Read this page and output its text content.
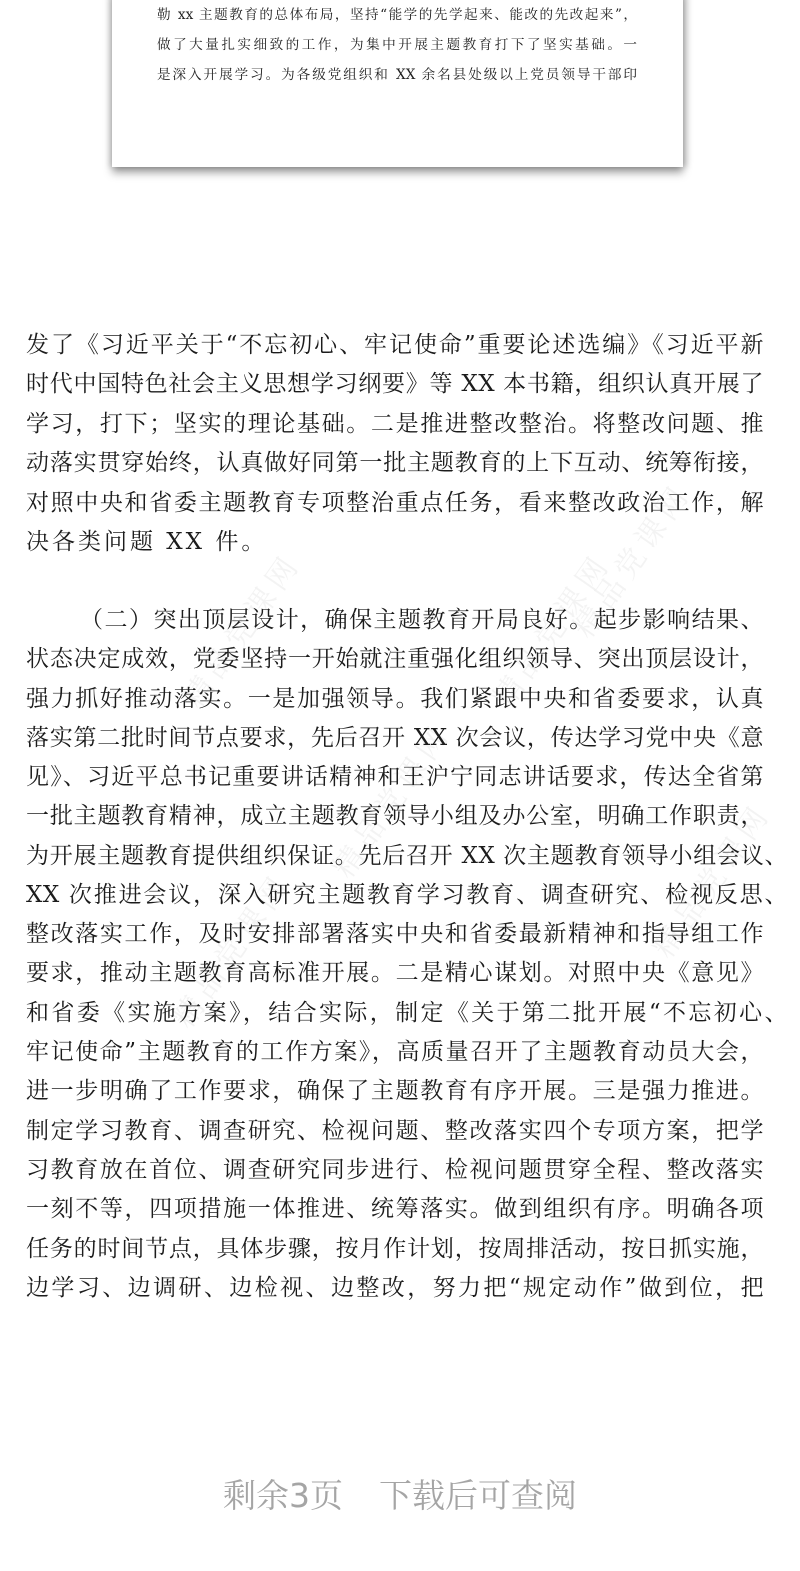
勒 xx 主题教育的总体布局，坚持“能学的先学起来、能改的先改起来”，
做了大量扎实细致的工作，为集中开展主题教育打下了坚实基础。一
是深入开展学习。为各级党组织和 XX 余名县处级以上党员领导干部印
精品党课网	精品党课网
精品党课网
精品党课网
精品党课网	精品党课网
发了《习近平关于“不忘初心、牢记使命”重要论述选编》《习近平新
时代中国特色社会主义思想学习纲要》等 XX 本书籍，组织认真开展了
学习，打下；坚实的理论基础。二是推进整改整治。将整改问题、推
动落实贯穿始终，认真做好同第一批主题教育的上下互动、统筹衔接，
对照中央和省委主题教育专项整治重点任务，看来整改政治工作，解
决各类问题 XX 件。
（二）突出顶层设计，确保主题教育开局良好。起步影响结果、
状态决定成效，党委坚持一开始就注重强化组织领导、突出顶层设计，
强力抓好推动落实。一是加强领导。我们紧跟中央和省委要求，认真
落实第二批时间节点要求，先后召开 XX 次会议，传达学习党中央《意
见》、习近平总书记重要讲话精神和王沪宁同志讲话要求，传达全省第
一批主题教育精神，成立主题教育领导小组及办公室，明确工作职责，
为开展主题教育提供组织保证。先后召开 XX 次主题教育领导小组会议、
XX 次推进会议，深入研究主题教育学习教育、调查研究、检视反思、
整改落实工作，及时安排部署落实中央和省委最新精神和指导组工作
要求，推动主题教育高标准开展。二是精心谋划。对照中央《意见》
和省委《实施方案》，结合实际，制定《关于第二批开展“不忘初心、
牢记使命”主题教育的工作方案》，高质量召开了主题教育动员大会，
进一步明确了工作要求，确保了主题教育有序开展。三是强力推进。
制定学习教育、调查研究、检视问题、整改落实四个专项方案，把学
习教育放在首位、调查研究同步进行、检视问题贯穿全程、整改落实
一刻不等，四项措施一体推进、统筹落实。做到组织有序。明确各项
任务的时间节点，具体步骤，按月作计划，按周排活动，按日抓实施，
边学习、边调研、边检视、边整改，努力把“规定动作”做到位，把
剩余3页 下载后可查阅
